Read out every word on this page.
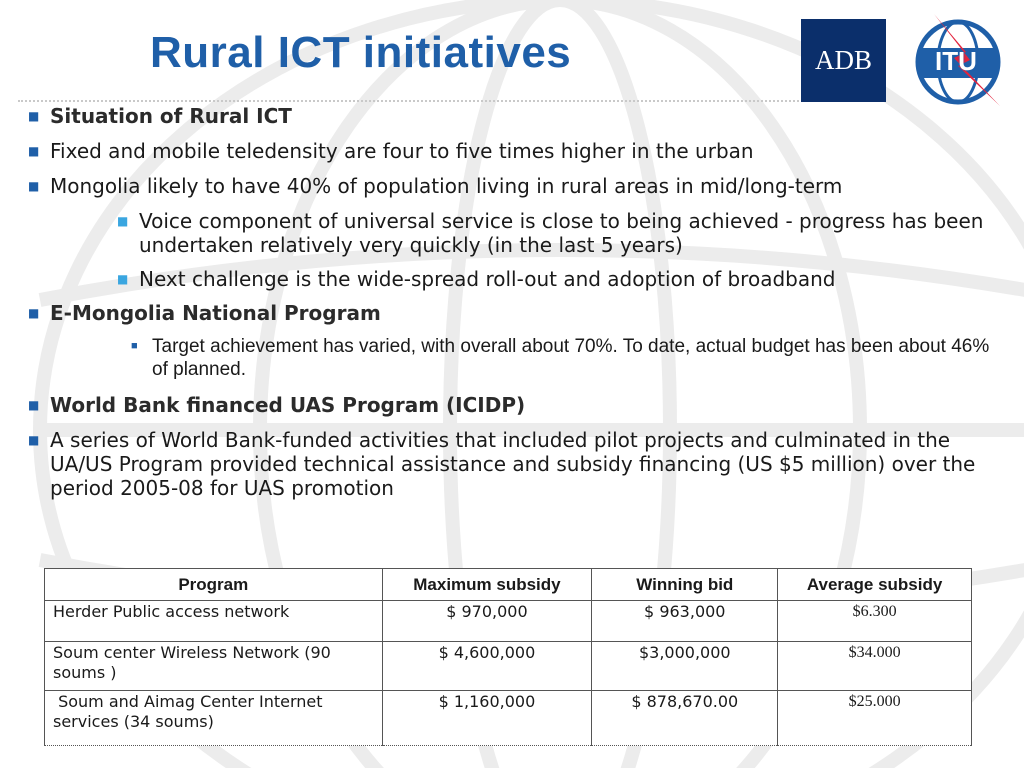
Rural ICT initiatives	ADB	ITU
■ Situation of Rural ICT
■ Fixed and mobile teledensity are four to five times higher in the urban
■ Mongolia likely to have 40% of population living in rural areas in mid/long-term
■ Voice component of universal service is close to being achieved - progress has been undertaken relatively very quickly (in the last 5 years)
■ Next challenge is the wide-spread roll-out and adoption of broadband
■ E-Mongolia National Program
■ Target achievement has varied, with overall about 70%. To date, actual budget has been about 46% of planned.
■ World Bank financed UAS Program (ICIDP)
■ A series of World Bank-funded activities that included pilot projects and culminated in the UA/US Program provided technical assistance and subsidy financing (US $5 million) over the period 2005-08 for UAS promotion
Program	Maximum subsidy	Winning bid	Average subsidy
Herder Public access network	$ 970,000	$ 963,000	$6.300
Soum center Wireless Network (90 soums )	$ 4,600,000	$3,000,000	$34.000
Soum and Aimag Center Internet services (34 soums)	$ 1,160,000	$ 878,670.00	$25.000
